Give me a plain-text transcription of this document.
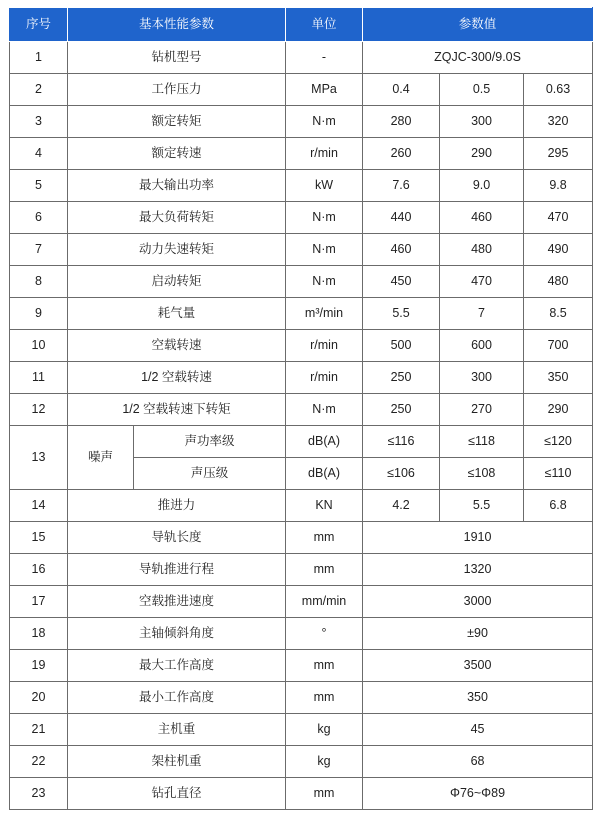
序号	基本性能参数		单位	参数值		
1	钻机型号		-	ZQJC-300/9.0S		
2	工作压力		MPa	0.4	0.5	0.63
3	额定转矩		N·m	280	300	320
4	额定转速		r/min	260	290	295
5	最大输出功率		kW	7.6	9.0	9.8
6	最大负荷转矩		N·m	440	460	470
7	动力失速转矩		N·m	460	480	490
8	启动转矩		N·m	450	470	480
9	耗气量		m³/min	5.5	7	8.5
10	空载转速		r/min	500	600	700
11	1/2 空载转速		r/min	250	300	350
12	1/2 空载转速下转矩		N·m	250	270	290
13	噪声	声功率级	dB(A)	≤116	≤118	≤120
		声压级	dB(A)	≤106	≤108	≤110
14	推进力		KN	4.2	5.5	6.8
15	导轨长度		mm	1910		
16	导轨推进行程		mm	1320		
17	空载推进速度		mm/min	3000		
18	主轴倾斜角度		°	±90		
19	最大工作高度		mm	3500		
20	最小工作高度		mm	350		
21	主机重		kg	45		
22	架柱机重		kg	68		
23	钻孔直径		mm	Φ76~Φ89		
